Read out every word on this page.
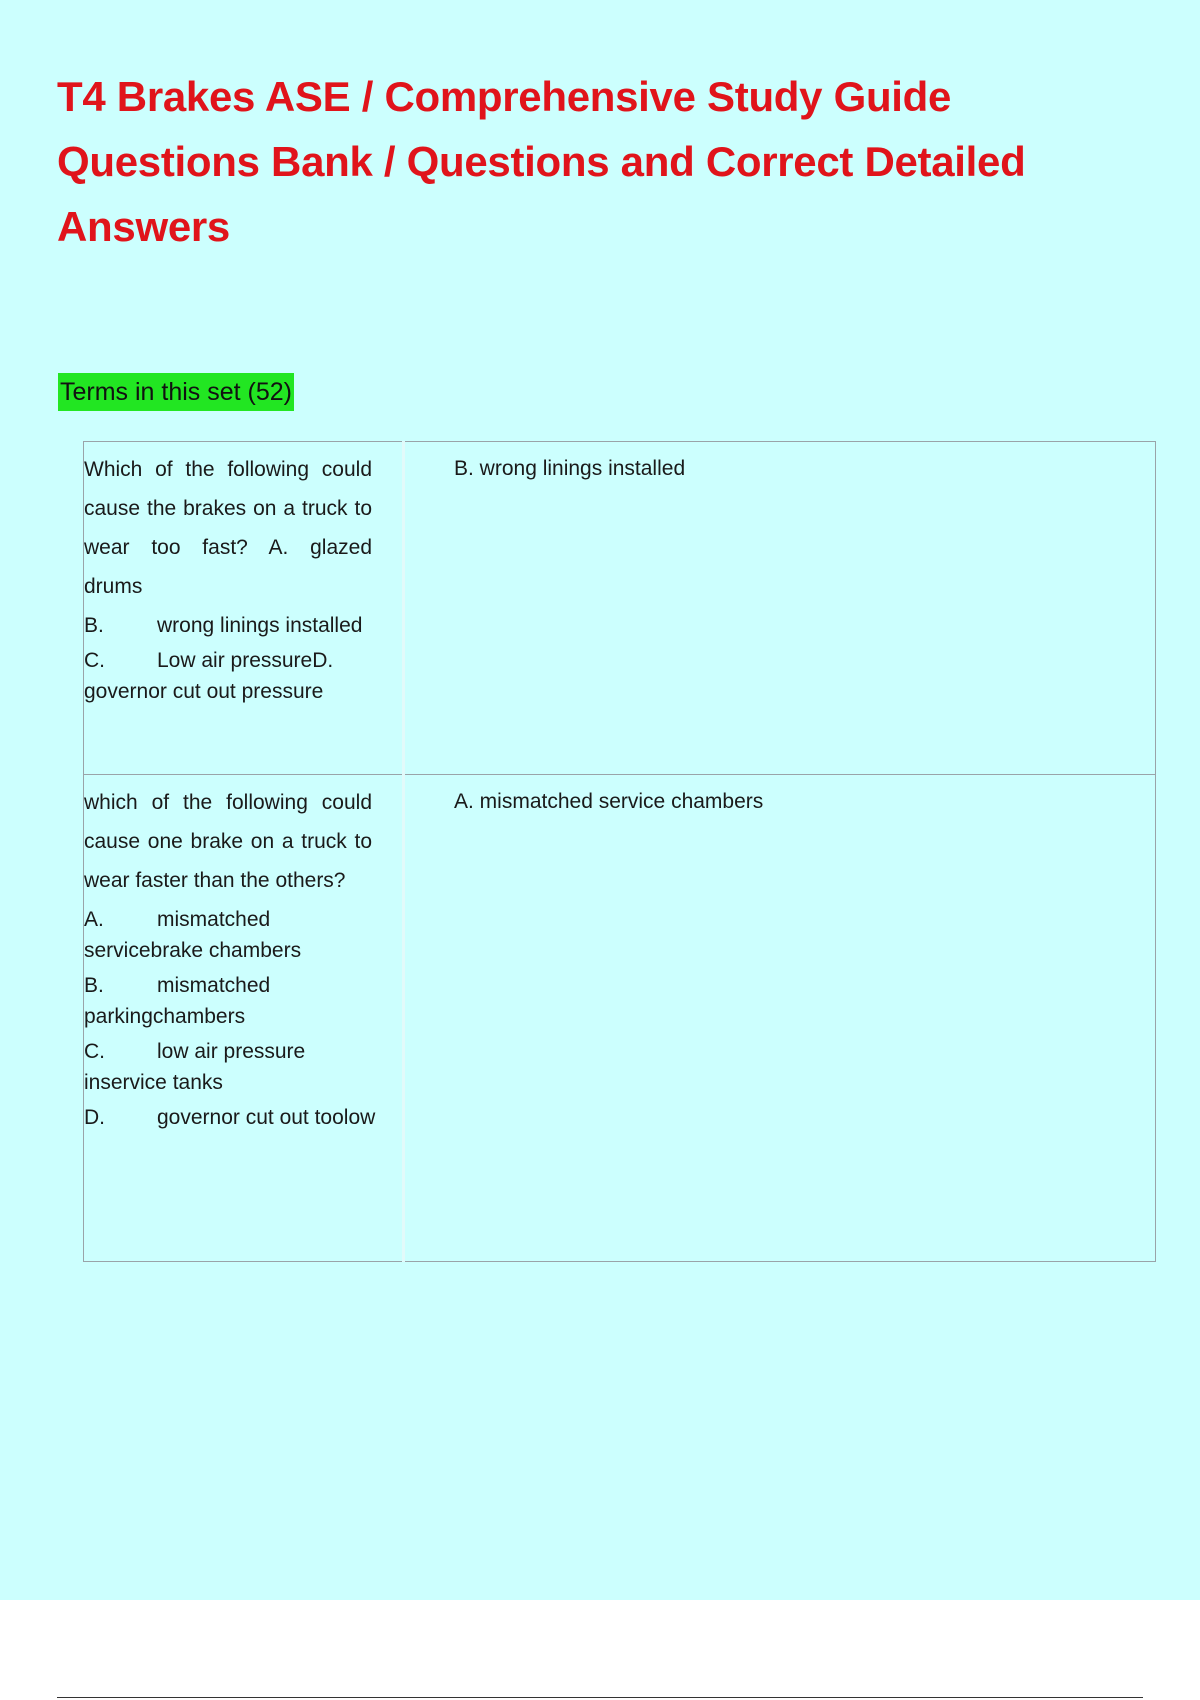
T4 Brakes ASE / Comprehensive Study Guide Questions Bank / Questions and Correct Detailed Answers
Terms in this set (52)
Which of the following could cause the brakes on a truck to wear too fast? A. glazed drums
B. wrong linings installed
C. Low air pressureD. governor cut out pressure	B. wrong linings installed

which of the following could cause one brake on a truck to wear faster than the others?
A. mismatched servicebrake chambers
B. mismatched parkingchambers
C. low air pressure inservice tanks
D. governor cut out toolow	A. mismatched service chambers
